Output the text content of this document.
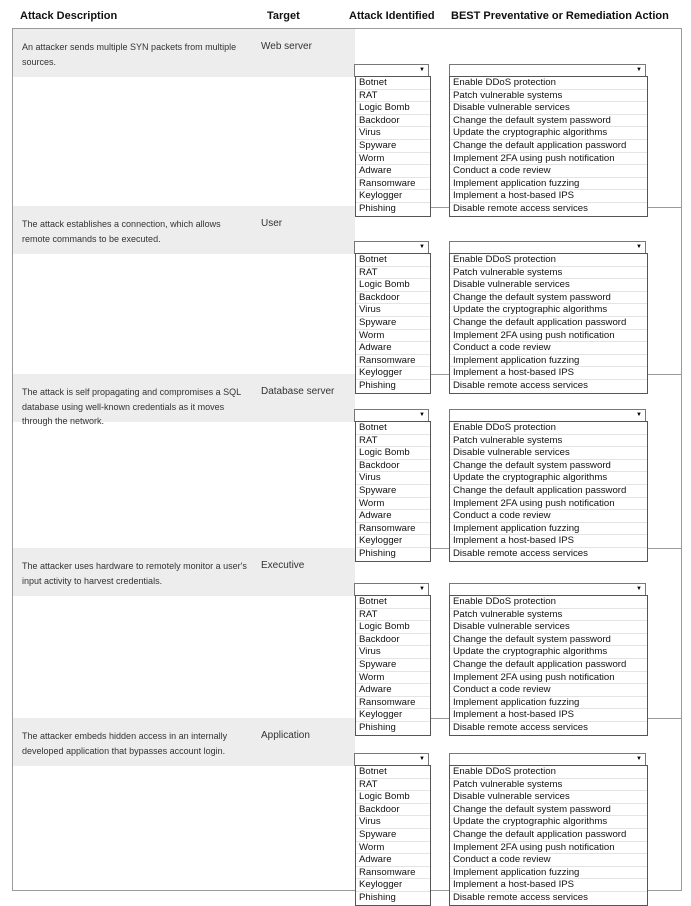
Attack Description	Target	Attack Identified BEST Preventative or Remediation Action
An attacker sends multiple SYN packets from multiple sources.
Web server
▼
Botnet
RAT
Logic Bomb
Backdoor
Virus
Spyware
Worm
Adware
Ransomware
Keylogger
Phishing
▼
Enable DDoS protection
Patch vulnerable systems
Disable vulnerable services
Change the default system password
Update the cryptographic algorithms
Change the default application password
Implement 2FA using push notification
Conduct a code review
Implement application fuzzing
Implement a host-based IPS
Disable remote access services
The attack establishes a connection, which allows remote commands to be executed.
User
▼
Botnet
RAT
Logic Bomb
Backdoor
Virus
Spyware
Worm
Adware
Ransomware
Keylogger
Phishing
▼
Enable DDoS protection
Patch vulnerable systems
Disable vulnerable services
Change the default system password
Update the cryptographic algorithms
Change the default application password
Implement 2FA using push notification
Conduct a code review
Implement application fuzzing
Implement a host-based IPS
Disable remote access services
The attack is self propagating and compromises a SQL database using well-known credentials as it moves through the network.
Database server
▼
Botnet
RAT
Logic Bomb
Backdoor
Virus
Spyware
Worm
Adware
Ransomware
Keylogger
Phishing
▼
Enable DDoS protection
Patch vulnerable systems
Disable vulnerable services
Change the default system password
Update the cryptographic algorithms
Change the default application password
Implement 2FA using push notification
Conduct a code review
Implement application fuzzing
Implement a host-based IPS
Disable remote access services
The attacker uses hardware to remotely monitor a user's input activity to harvest credentials.
Executive
▼
Botnet
RAT
Logic Bomb
Backdoor
Virus
Spyware
Worm
Adware
Ransomware
Keylogger
Phishing
▼
Enable DDoS protection
Patch vulnerable systems
Disable vulnerable services
Change the default system password
Update the cryptographic algorithms
Change the default application password
Implement 2FA using push notification
Conduct a code review
Implement application fuzzing
Implement a host-based IPS
Disable remote access services
The attacker embeds hidden access in an internally developed application that bypasses account login.
Application
▼
Botnet
RAT
Logic Bomb
Backdoor
Virus
Spyware
Worm
Adware
Ransomware
Keylogger
Phishing
▼
Enable DDoS protection
Patch vulnerable systems
Disable vulnerable services
Change the default system password
Update the cryptographic algorithms
Change the default application password
Implement 2FA using push notification
Conduct a code review
Implement application fuzzing
Implement a host-based IPS
Disable remote access services
